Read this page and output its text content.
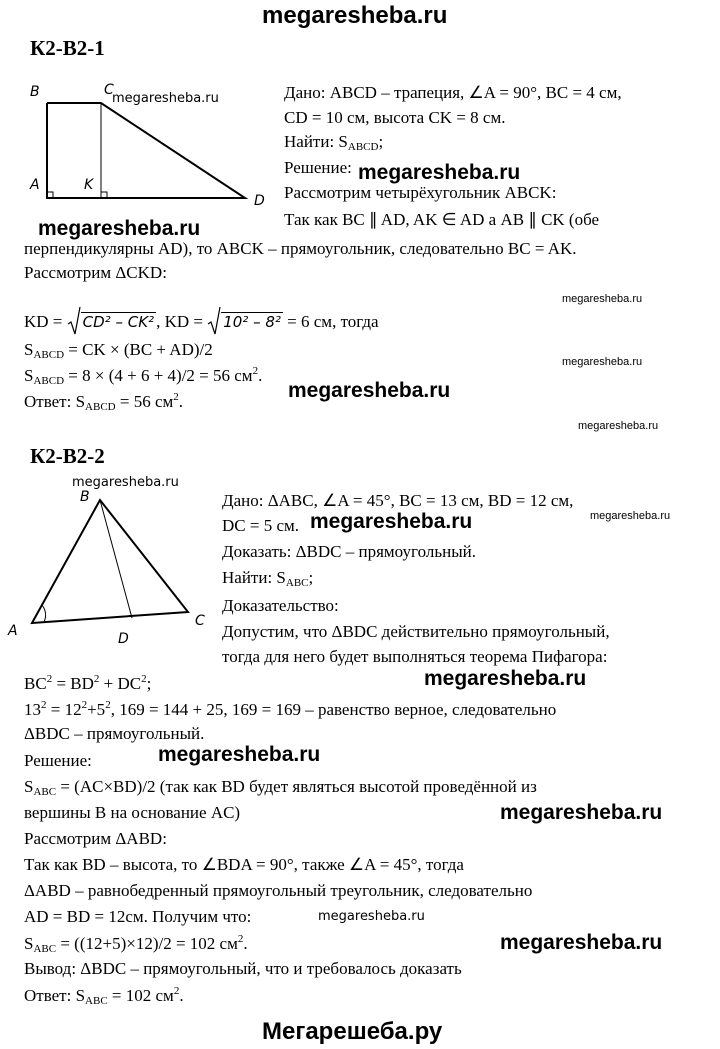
megaresheba.ru
К2-В2-1
B	C
A	K
D
megaresheba.ru	Дано: ABCD – трапеция, ∠A = 90°, BC = 4 см,
CD = 10 см, высота CK = 8 см.
Найти: $S_{ABCD}$;
Решение: megaresheba.ru
Рассмотрим четырёхугольник ABCK:
Так как BC ∥ AD, AK ∈ AD а AB ∥ CK (обе
megaresheba.ru
перпендикулярны AD), то ABCK – прямоугольник, следовательно BC = AK.
Рассмотрим ΔCKD:
megaresheba.ru
KD = CD² – CK² , KD = 10² – 8² = 6 см, тогда
$S_{ABCD}$ = CK × (BC + AD)/2
megaresheba.ru
$S_{ABCD} = 8 \times (4 + 6 + 4)/2 = 56$ $см^2$.
megaresheba.ru
Ответ: $S_{ABCD} = 56$ $см^2$.
megaresheba.ru
К2-В2-2
megaresheba.ru
B
A
C
D
Дано: ΔABC, ∠A = 45°, BC = 13 см, BD = 12 см,
DC = 5 см. megaresheba.ru	megaresheba.ru
Доказать: ΔBDC – прямоугольный.
Найти: $S_{ABC}$;
Доказательство:
Допустим, что ΔBDC действительно прямоугольный,
тогда для него будет выполняться теорема Пифагора:
$BC^2 = BD^2 + DC^2$;	megaresheba.ru
$13^2 = 12^2+5^2$, 169 = 144 + 25, 169 = 169 – равенство верное, следовательно
ΔBDC – прямоугольный.
megaresheba.ru
Решение:
$S_{ABC} = (AC\times BD)/2$ (так как BD будет являться высотой проведённой из
вершины B на основание AC)	megaresheba.ru
Рассмотрим ΔABD:
Так как BD – высота, то ∠BDA = 90°, также ∠A = 45°, тогда
ΔABD – равнобедренный прямоугольный треугольник, следовательно
AD = BD = 12см. Получим что:	megaresheba.ru
$S_{ABC} = ((12+5)\times 12)/2 = 102$ $см^2$.	megaresheba.ru
Вывод: ΔBDC – прямоугольный, что и требовалось доказать
Ответ: $S_{ABC} = 102$ $см^2$.
Мегарешеба.ру
